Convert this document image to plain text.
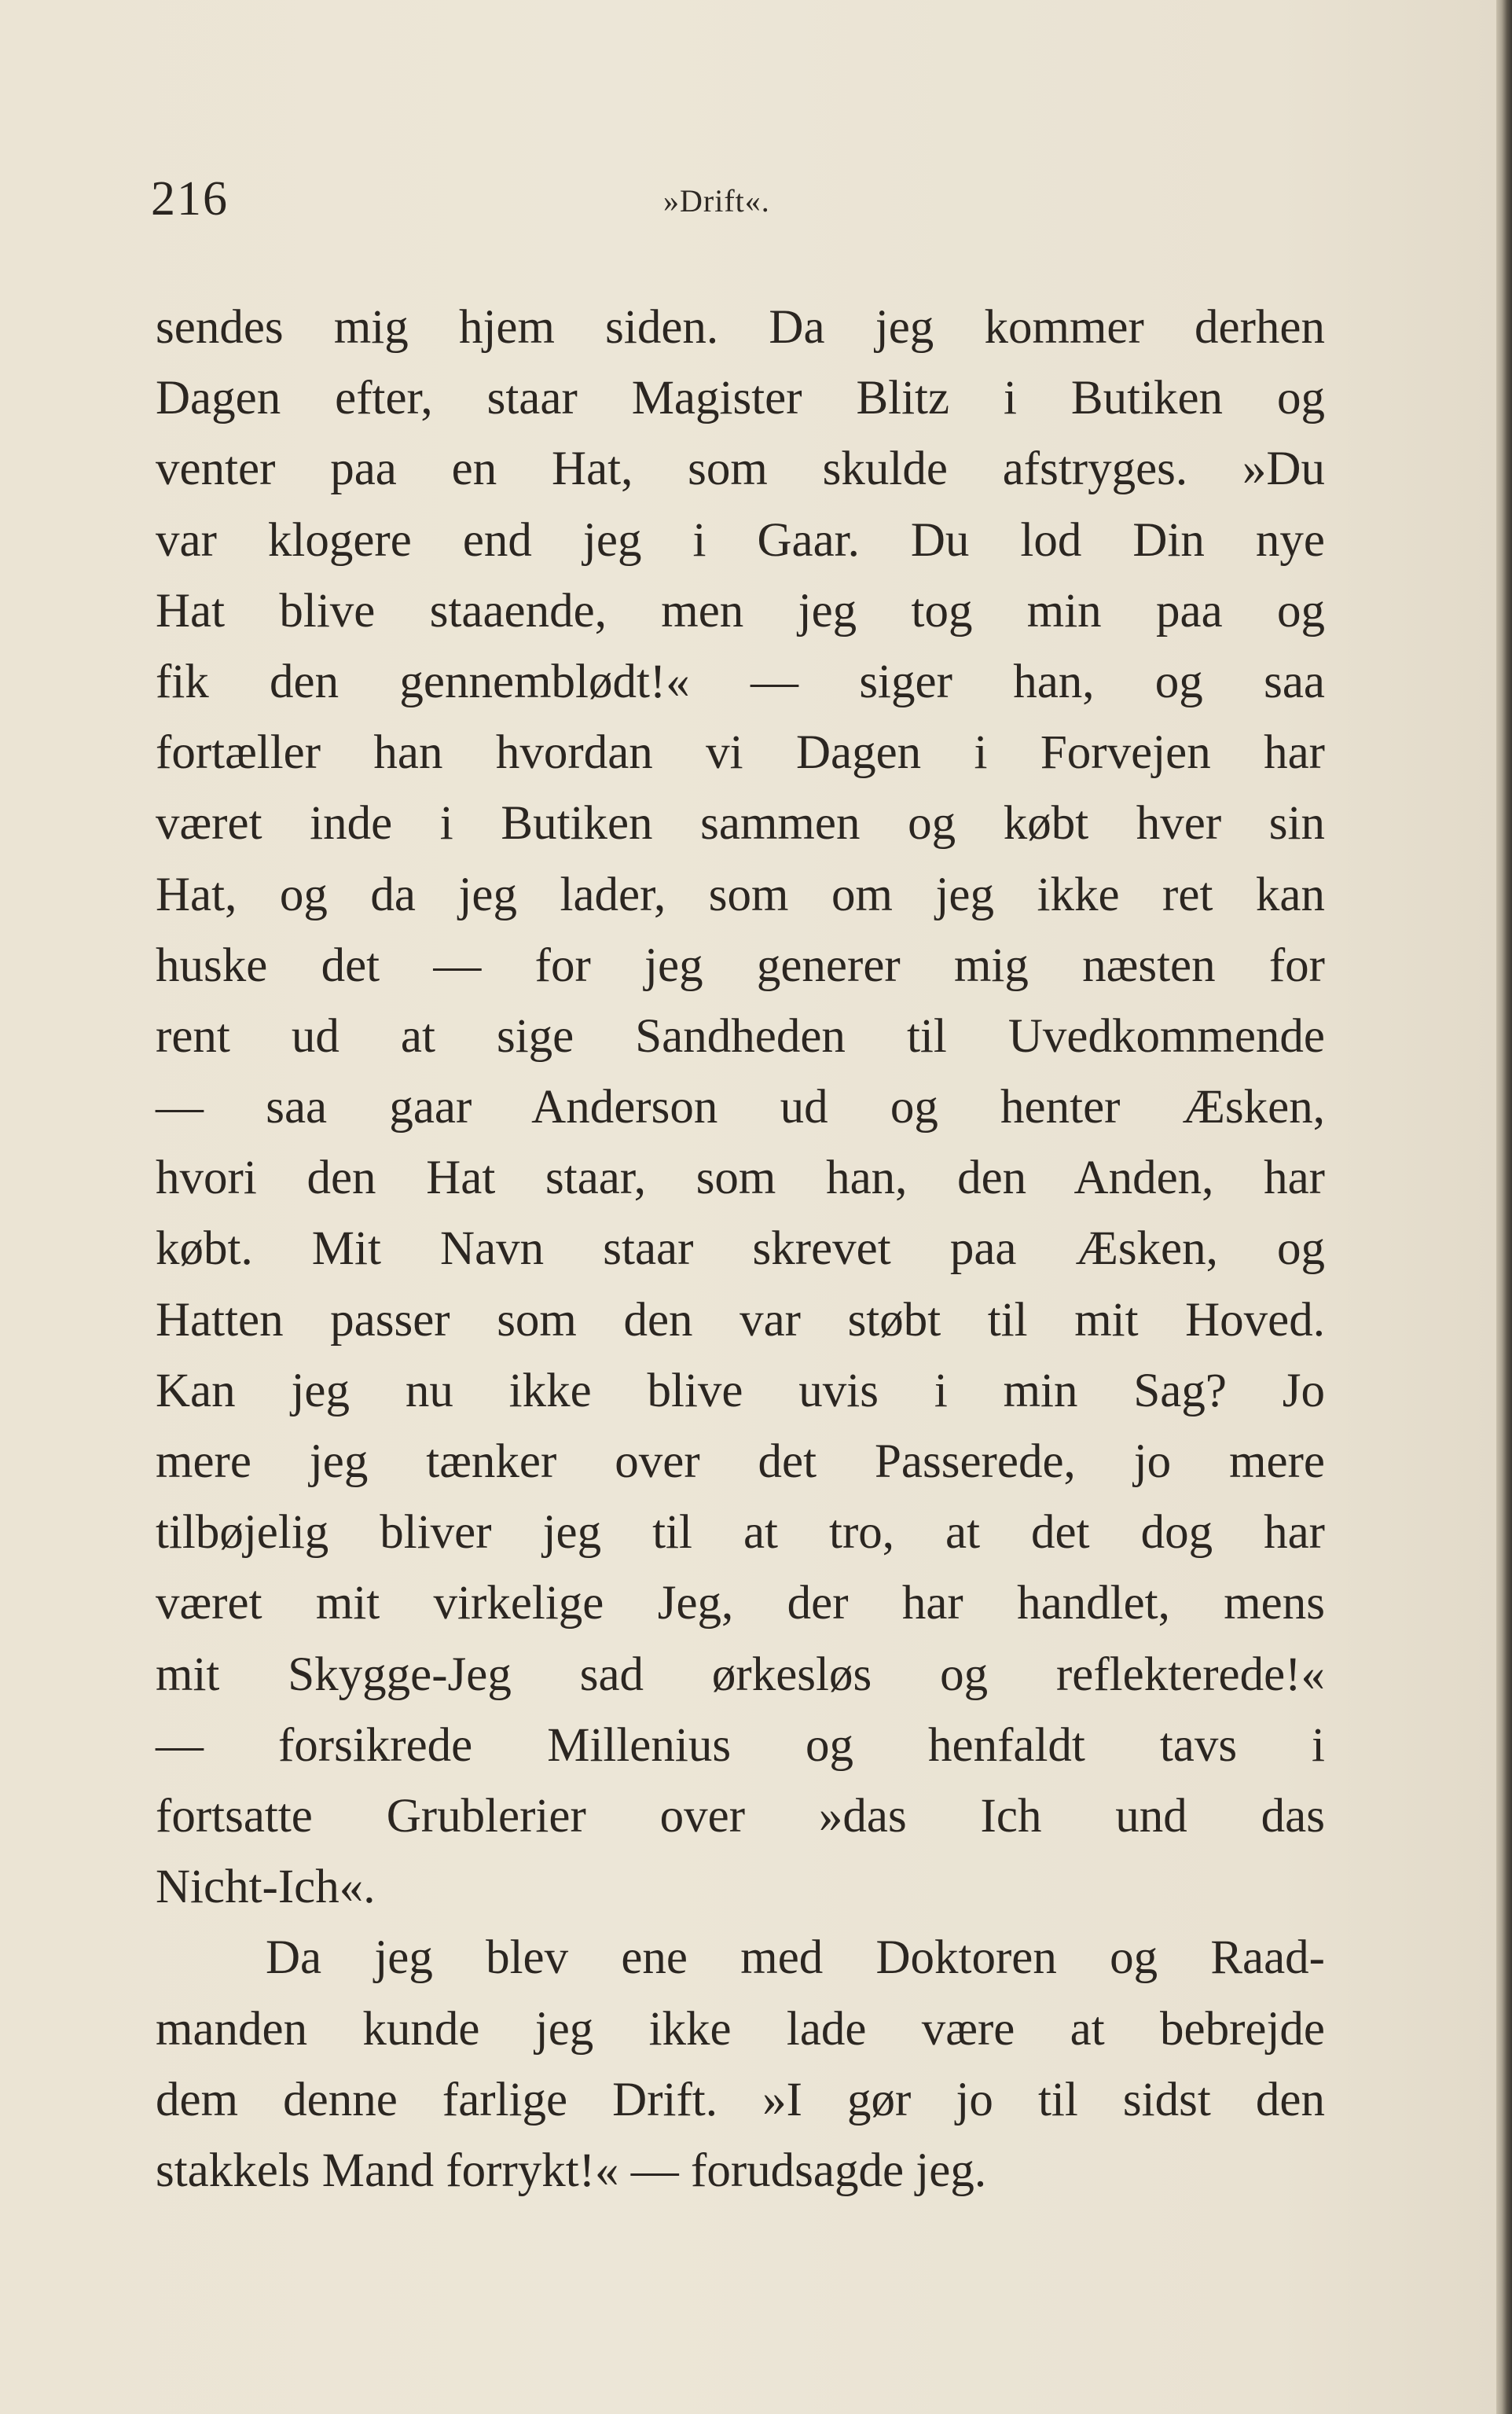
216	»Drift«.
sendes mig hjem siden. Da jeg kommer derhen
Dagen efter, staar Magister Blitz i Butiken og
venter paa en Hat, som skulde afstryges. »Du
var klogere end jeg i Gaar. Du lod Din nye
Hat blive staaende, men jeg tog min paa og
fik den gennemblødt!« — siger han, og saa
fortæller han hvordan vi Dagen i Forvejen har
været inde i Butiken sammen og købt hver sin
Hat, og da jeg lader, som om jeg ikke ret kan
huske det — for jeg generer mig næsten for
rent ud at sige Sandheden til Uvedkommende
— saa gaar Anderson ud og henter Æsken,
hvori den Hat staar, som han, den Anden, har
købt. Mit Navn staar skrevet paa Æsken, og
Hatten passer som den var støbt til mit Hoved.
Kan jeg nu ikke blive uvis i min Sag? Jo
mere jeg tænker over det Passerede, jo mere
tilbøjelig bliver jeg til at tro, at det dog har
været mit virkelige Jeg, der har handlet, mens
mit Skygge-Jeg sad ørkesløs og reflekterede!«
— forsikrede Millenius og henfaldt tavs i
fortsatte Grublerier over »das Ich und das
Nicht-Ich«.
Da jeg blev ene med Doktoren og Raad-
manden kunde jeg ikke lade være at bebrejde
dem denne farlige Drift. »I gør jo til sidst den
stakkels Mand forrykt!« — forudsagde jeg.
